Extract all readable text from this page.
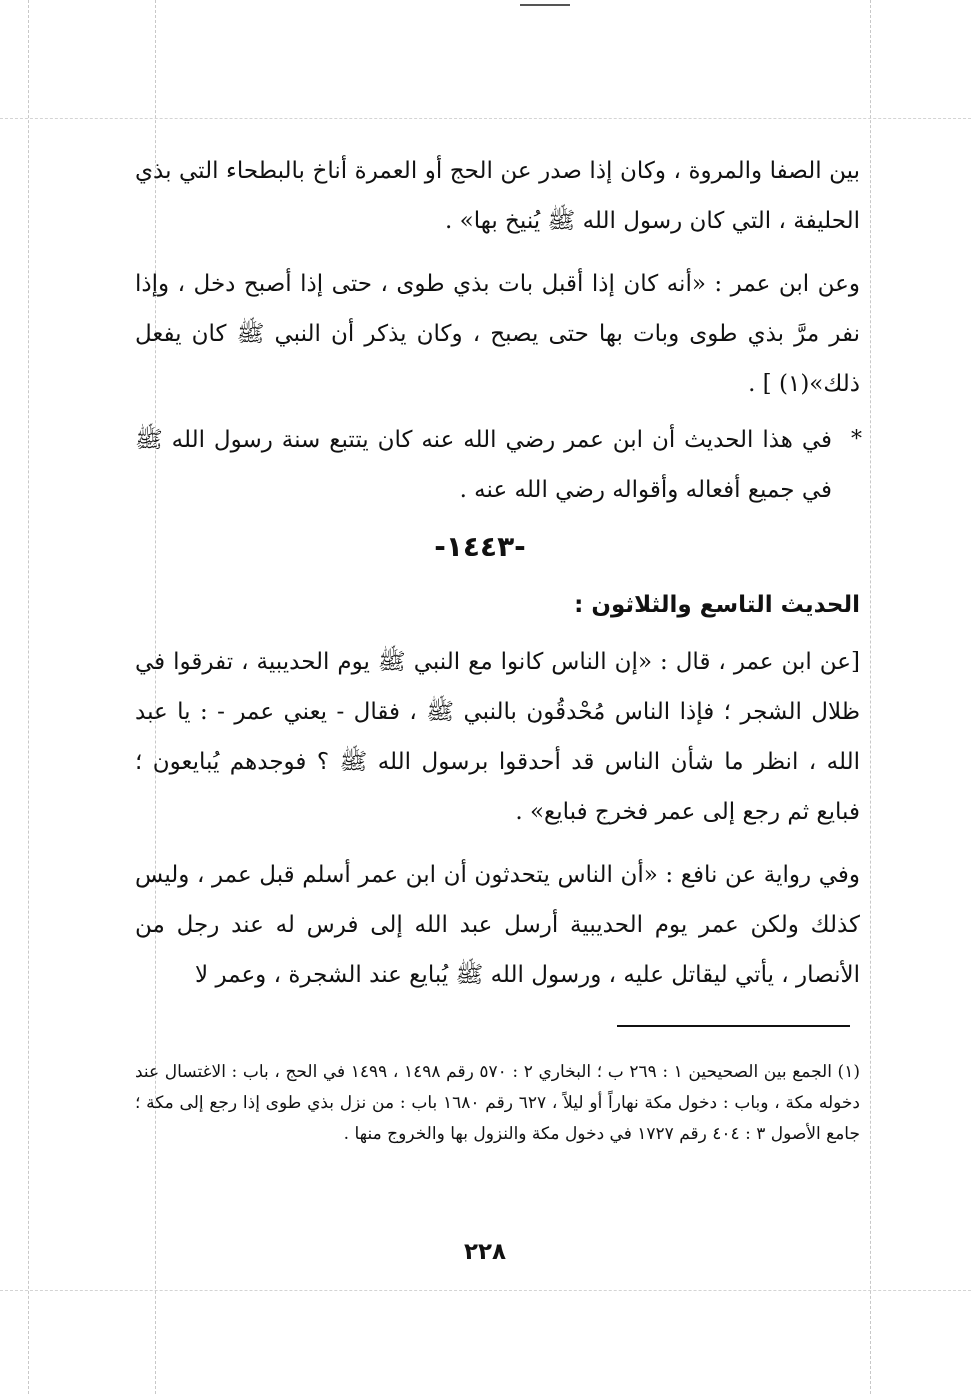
بين الصفا والمروة ، وكان إذا صدر عن الحج أو العمرة أناخ بالبطحاء التي بذي الحليفة ، التي كان رسول الله ﷺ يُنيخ بها» .

وعن ابن عمر : «أنه كان إذا أقبل بات بذي طوى ، حتى إذا أصبح دخل ، وإذا نفر مرَّ بذي طوى وبات بها حتى يصبح ، وكان يذكر أن النبي ﷺ كان يفعل ذلك»(١) ] .

*

في هذا الحديث أن ابن عمر رضي الله عنه كان يتتبع سنة رسول الله ﷺ في جميع أفعاله وأقواله رضي الله عنه .

-١٤٤٣-
الحديث التاسع والثلاثون :

[عن ابن عمر ، قال : «إن الناس كانوا مع النبي ﷺ يوم الحديبية ، تفرقوا في ظلال الشجر ؛ فإذا الناس مُحْدقُون بالنبي ﷺ ، فقال - يعني عمر - : يا عبد الله ، انظر ما شأن الناس قد أحدقوا برسول الله ﷺ ؟ فوجدهم يُبايعون ؛ فبايع ثم رجع إلى عمر فخرج فبايع» .

وفي رواية عن نافع : «أن الناس يتحدثون أن ابن عمر أسلم قبل عمر ، وليس كذلك ولكن عمر يوم الحديبية أرسل عبد الله إلى فرس له عند رجل من الأنصار ، يأتي ليقاتل عليه ، ورسول الله ﷺ يُبايع عند الشجرة ، وعمر لا

(١) الجمع بين الصحيحين ١ : ٢٦٩ ب ؛ البخاري ٢ : ٥٧٠ رقم ١٤٩٨ ، ١٤٩٩ في الحج ، باب : الاغتسال عند دخوله مكة ، وباب : دخول مكة نهاراً أو ليلاً ، ٦٢٧ رقم ١٦٨٠ باب : من نزل بذي طوى إذا رجع إلى مكة ؛ جامع الأصول ٣ : ٤٠٤ رقم ١٧٢٧ في دخول مكة والنزول بها والخروج منها .

٢٢٨
